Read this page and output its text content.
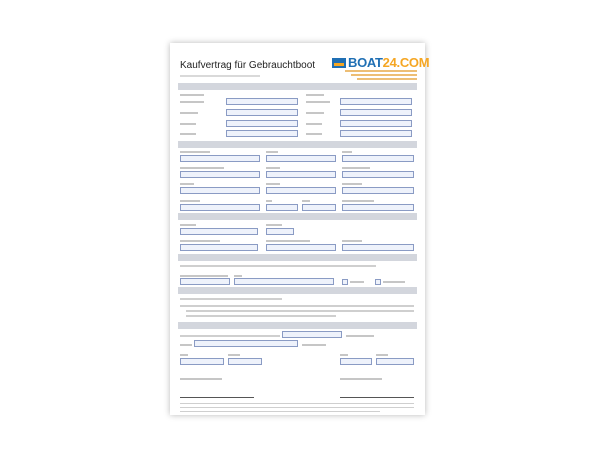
Kaufvertrag für Gebrauchtboot	BOAT24.COM
